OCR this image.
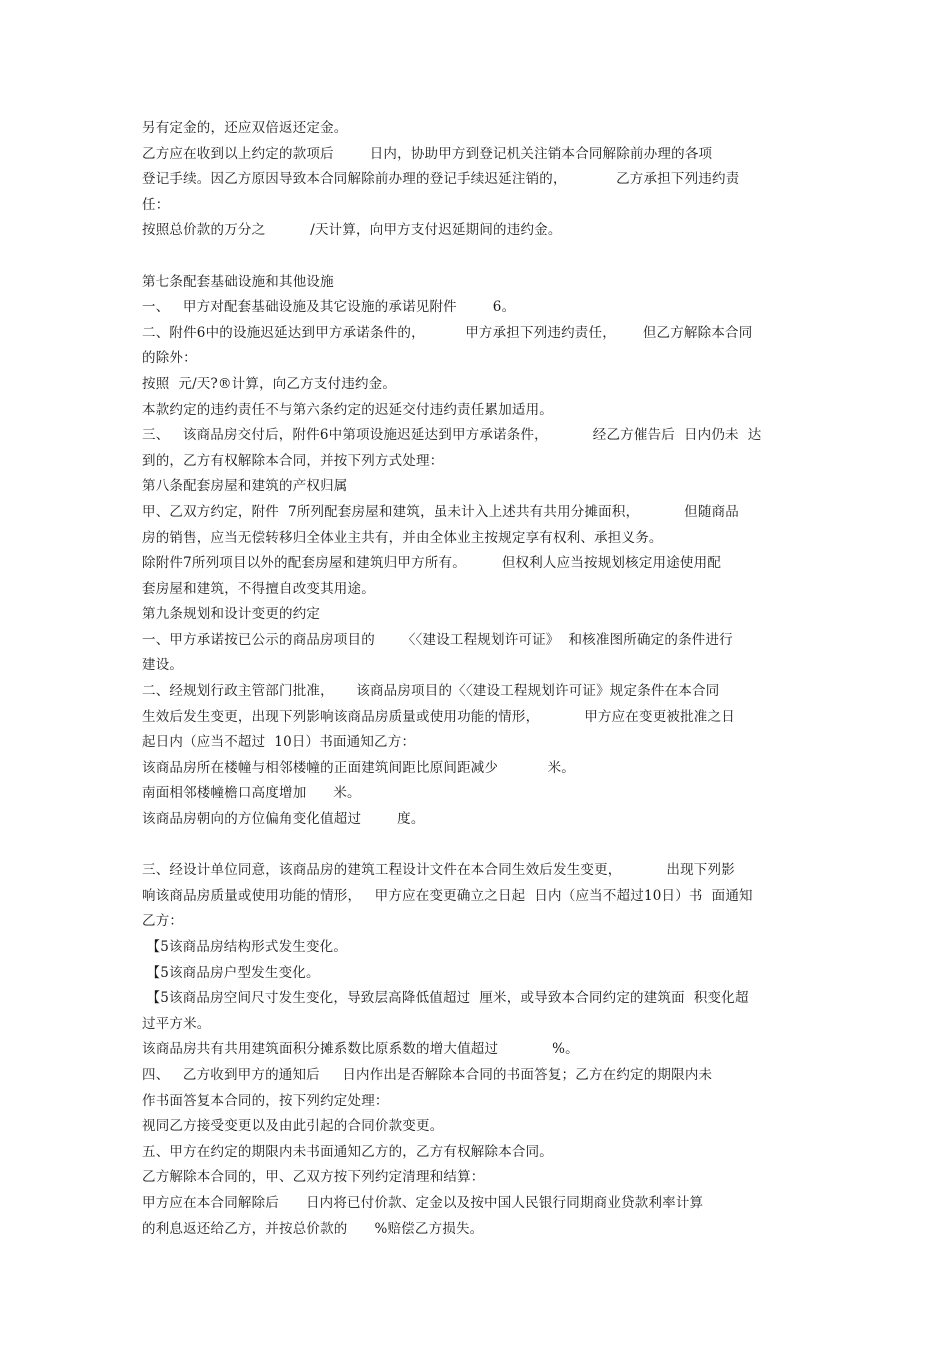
另有定金的，还应双倍返还定金。
乙方应在收到以上约定的款项后        日内，协助甲方到登记机关注销本合同解除前办理的各项
登记手续。因乙方原因导致本合同解除前办理的登记手续迟延注销的，           乙方承担下列违约责
任：
按照总价款的万分之          /天计算，向甲方支付迟延期间的违约金。
第七条配套基础设施和其他设施
一、   甲方对配套基础设施及其它设施的承诺见附件        6。
二、附件6中的设施迟延达到甲方承诺条件的，         甲方承担下列违约责任，      但乙方解除本合同
的除外：
按照  元/天?®计算，向乙方支付违约金。
本款约定的违约责任不与第六条约定的迟延交付违约责任累加适用。
三、   该商品房交付后，附件6中第项设施迟延达到甲方承诺条件，          经乙方催告后  日内仍未  达
到的，乙方有权解除本合同，并按下列方式处理：
第八条配套房屋和建筑的产权归属
甲、乙双方约定，附件  7所列配套房屋和建筑，虽未计入上述共有共用分摊面积，          但随商品
房的销售，应当无偿转移归全体业主共有，并由全体业主按规定享有权利、承担义务。
除附件7所列项目以外的配套房屋和建筑归甲方所有。        但权利人应当按规划核定用途使用配
套房屋和建筑，不得擅自改变其用途。
第九条规划和设计变更的约定
一、甲方承诺按已公示的商品房项目的      〈〈建设工程规划许可证》  和核准图所确定的条件进行
建设。
二、经规划行政主管部门批准，     该商品房项目的〈〈建设工程规划许可证》规定条件在本合同
生效后发生变更，出现下列影响该商品房质量或使用功能的情形，          甲方应在变更被批准之日
起日内（应当不超过  10日）书面通知乙方：
该商品房所在楼幢与相邻楼幢的正面建筑间距比原间距减少           米。
南面相邻楼幢檐口高度增加      米。
该商品房朝向的方位偏角变化值超过        度。
三、经设计单位同意，该商品房的建筑工程设计文件在本合同生效后发生变更，          出现下列影
响该商品房质量或使用功能的情形，   甲方应在变更确立之日起  日内（应当不超过10日）书  面通知
乙方：
【5该商品房结构形式发生变化。
【5该商品房户型发生变化。
【5该商品房空间尺寸发生变化，导致层高降低值超过  厘米，或导致本合同约定的建筑面  积变化超
过平方米。
该商品房共有共用建筑面积分摊系数比原系数的增大值超过            %。
四、   乙方收到甲方的通知后     日内作出是否解除本合同的书面答复；乙方在约定的期限内未
作书面答复本合同的，按下列约定处理：
视同乙方接受变更以及由此引起的合同价款变更。
五、甲方在约定的期限内未书面通知乙方的，乙方有权解除本合同。
乙方解除本合同的，甲、乙双方按下列约定清理和结算：
甲方应在本合同解除后      日内将已付价款、定金以及按中国人民银行同期商业贷款利率计算
的利息返还给乙方，并按总价款的      %赔偿乙方损失。
